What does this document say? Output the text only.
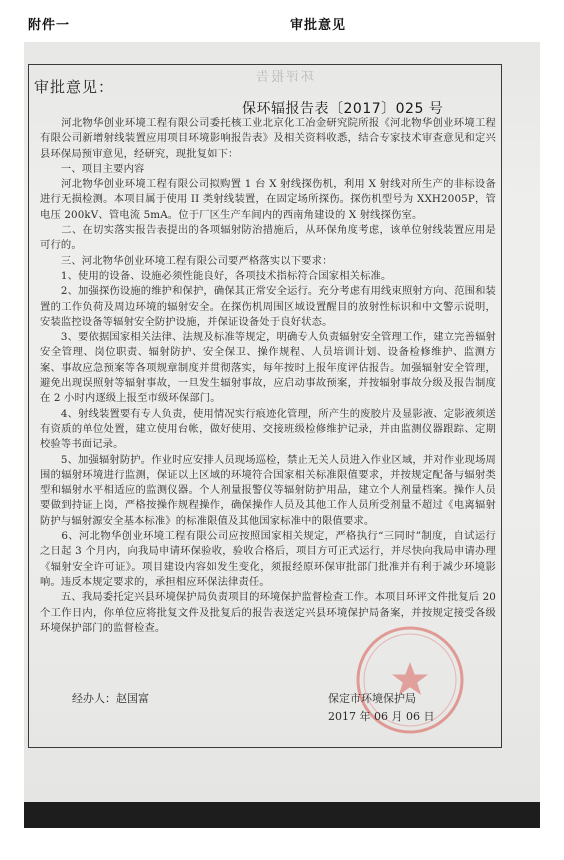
附件一	审批意见
环评报告
审批意见：
保环辐报告表〔2017〕025 号

　　河北物华创业环境工程有限公司委托核工业北京化工冶金研究院所报《河北物华创业环境工程有限公司新增射线装置应用项目环境影响报告表》及相关资料收悉，结合专家技术审查意见和定兴县环保局预审意见，经研究，现批复如下：

　　一、项目主要内容

　　河北物华创业环境工程有限公司拟购置 1 台 X 射线探伤机，利用 X 射线对所生产的非标设备进行无损检测。本项目属于使用 II 类射线装置，在固定场所探伤。探伤机型号为 XXH2005P，管电压 200kV、管电流 5mA。位于厂区生产车间内的西南角建设的 X 射线探伤室。

　　二、在切实落实报告表提出的各项辐射防治措施后，从环保角度考虑，该单位射线装置应用是可行的。

　　三、河北物华创业环境工程有限公司要严格落实以下要求：

　　1、使用的设备、设施必须性能良好，各项技术指标符合国家相关标准。

　　2、加强探伤设施的维护和保护，确保其正常安全运行。充分考虑有用线束照射方向、范围和装置的工作负荷及周边环境的辐射安全。在探伤机周围区域设置醒目的放射性标识和中文警示说明，安装监控设备等辐射安全防护设施，并保证设备处于良好状态。

　　3、要依据国家相关法律、法规及标准等规定，明确专人负责辐射安全管理工作，建立完善辐射安全管理、岗位职责、辐射防护、安全保卫、操作规程、人员培训计划、设备检修维护、监测方案、事故应急预案等各项规章制度并贯彻落实，每年按时上报年度评估报告。加强辐射安全管理，避免出现误照射等辐射事故，一旦发生辐射事故，应启动事故预案，并按辐射事故分级及报告制度在 2 小时内逐级上报至市级环保部门。

　　4、射线装置要有专人负责，使用情况实行痕迹化管理，所产生的废胶片及显影液、定影液须送有资质的单位处置，建立使用台帐，做好使用、交接班级检修维护记录，并由监测仪器跟踪、定期校验等书面记录。

　　5、加强辐射防护。作业时应安排人员现场巡检，禁止无关人员进入作业区域，并对作业现场周围的辐射环境进行监测，保证以上区域的环境符合国家相关标准限值要求，并按规定配备与辐射类型和辐射水平相适应的监测仪器。个人剂量报警仪等辐射防护用品，建立个人剂量档案。操作人员要做到持证上岗，严格按操作规程操作，确保操作人员及其他工作人员所受剂量不超过《电离辐射防护与辐射源安全基本标准》的标准限值及其他国家标准中的限值要求。

　　6、河北物华创业环境工程有限公司应按照国家相关规定，严格执行“三同时”制度，自试运行之日起 3 个月内，向我局申请环保验收，验收合格后，项目方可正式运行，并尽快向我局申请办理《辐射安全许可证》。项目建设内容如发生变化，须报经原环保审批部门批准并有利于减少环境影响。违反本规定要求的，承担相应环保法律责任。

　　五、我局委托定兴县环境保护局负责项目的环境保护监督检查工作。本项目环评文件批复后 20 个工作日内，你单位应将批复文件及批复后的报告表送定兴县环境保护局备案，并按规定接受各级环境保护部门的监督检查。

经办人：赵国富	保定市环境保护局
2017 年 06 月 06 日
